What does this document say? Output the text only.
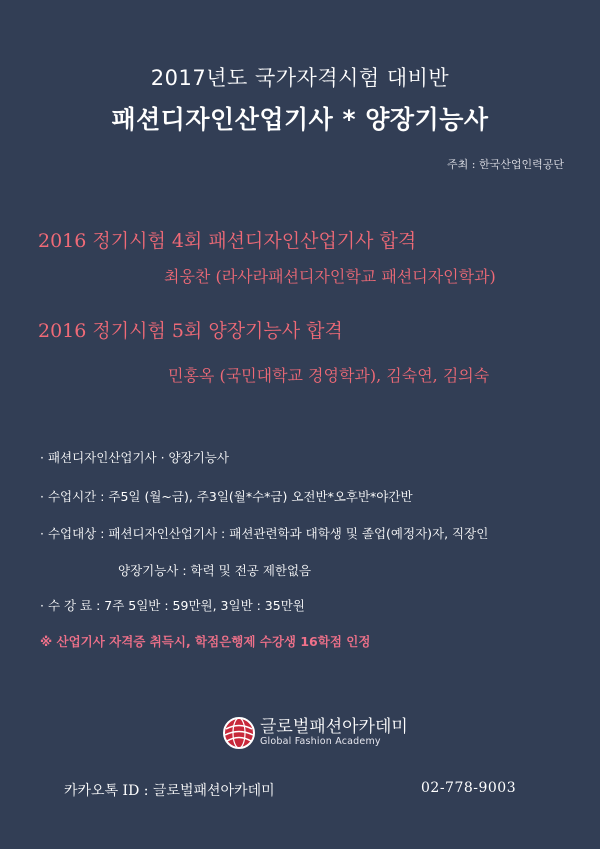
2017년도 국가자격시험 대비반
패션디자인산업기사 * 양장기능사
주최 : 한국산업인력공단
2016 정기시험 4회 패션디자인산업기사 합격
최웅찬 (라사라패션디자인학교 패션디자인학과)
2016 정기시험 5회 양장기능사 합격
민홍옥 (국민대학교 경영학과), 김숙연, 김의숙
· 패션디자인산업기사 · 양장기능사
· 수업시간 : 주5일 (월~금), 주3일(월*수*금) 오전반*오후반*야간반
· 수업대상 : 패션디자인산업기사 : 패션관련학과 대학생 및 졸업(예정자)자, 직장인
양장기능사 : 학력 및 전공 제한없음
· 수 강 료 : 7주 5일반 : 59만원, 3일반 : 35만원
※ 산업기사 자격증 취득시, 학점은행제 수강생 16학점 인정
글로벌패션아카데미
Global Fashion Academy
카카오톡 ID : 글로벌패션아카데미	02-778-9003
